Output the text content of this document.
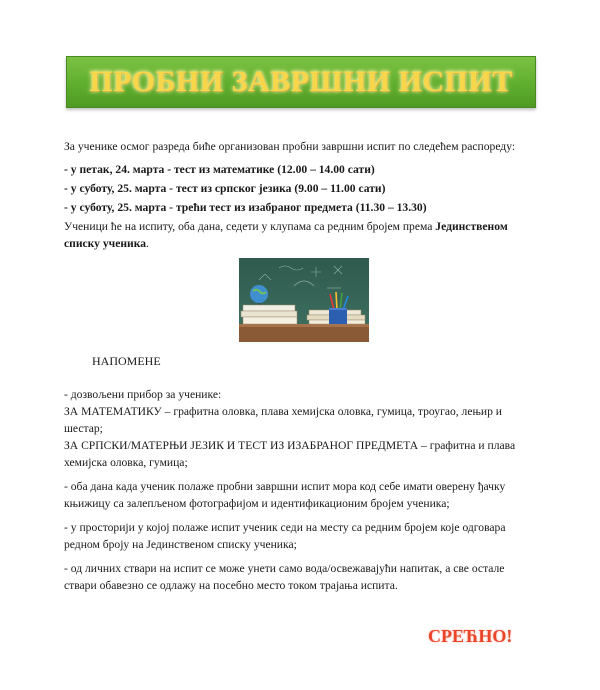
ПРОБНИ ЗАВРШНИ ИСПИТ
За ученике осмог разреда биће организован пробни завршни испит по следећем распореду:
- у петак, 24. марта - тест из математике (12.00 – 14.00 сати)
- у суботу, 25. марта - тест из српског језика (9.00 – 11.00 сати)
- у суботу, 25. марта - трећи тест из изабраног предмета (11.30 – 13.30)
Ученици ће на испиту, оба дана, седети у клупама са редним бројем према Јединственом списку ученика.
НАПОМЕНЕ

- дозвољени прибор за ученике:

ЗА МАТЕМАТИКУ – графитна оловка, плава хемијска оловка, гумица, троугао, лењир и шестар;

ЗА СРПСКИ/МАТЕРЊИ ЈЕЗИК И ТЕСТ ИЗ ИЗАБРАНОГ ПРЕДМЕТА – графитна и плава хемијска оловка, гумица;

- оба дана када ученик полаже пробни завршни испит мора код себе имати оверену ђачку књижицу са залепљеном фотографијом и идентификационим бројем ученика;

- у просторији у којој полаже испит ученик седи на месту са редним бројем које одговара редном броју на Јединственом списку ученика;

- од личних ствари на испит се може унети само вода/освежавајући напитак, а све остале ствари обавезно се одлажу на посебно место током трајања испита.

СРЕЋНО!
